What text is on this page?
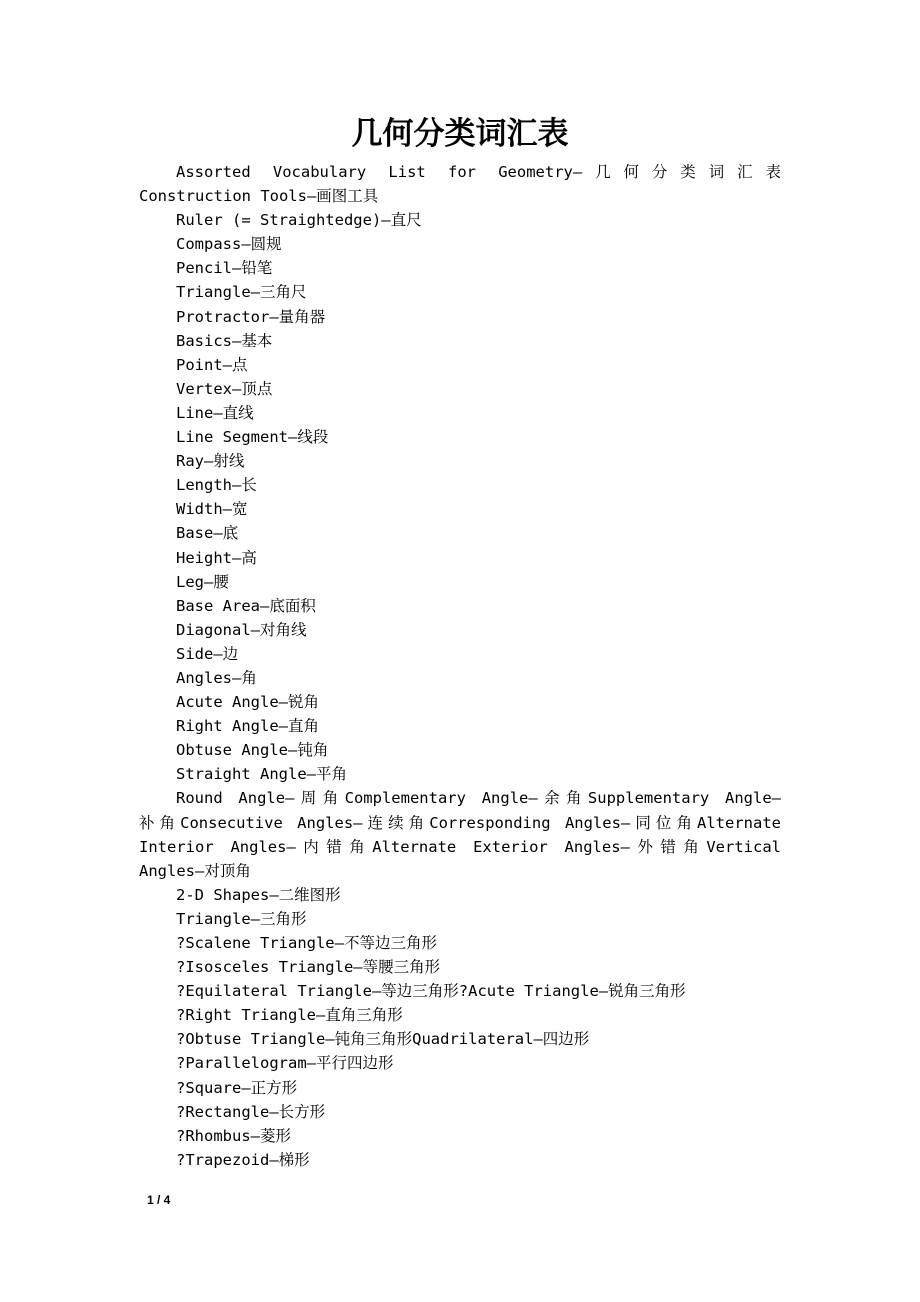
几何分类词汇表
Assorted Vocabulary List for Geometry—几何分类词汇表
Construction Tools—画图工具
Ruler (= Straightedge)—直尺
Compass—圆规
Pencil—铅笔
Triangle—三角尺
Protractor—量角器
Basics—基本
Point—点
Vertex—顶点
Line—直线
Line Segment—线段
Ray—射线
Length—长
Width—宽
Base—底
Height—高
Leg—腰
Base Area—底面积
Diagonal—对角线
Side—边
Angles—角
Acute Angle—锐角
Right Angle—直角
Obtuse Angle—钝角
Straight Angle—平角
Round Angle—周角Complementary Angle—余角Supplementary Angle—
补角Consecutive Angles—连续角Corresponding Angles—同位角Alternate
Interior Angles—内错角Alternate Exterior Angles—外错角Vertical
Angles—对顶角
2-D Shapes—二维图形
Triangle—三角形
?Scalene Triangle—不等边三角形
?Isosceles Triangle—等腰三角形
?Equilateral Triangle—等边三角形?Acute Triangle—锐角三角形
?Right Triangle—直角三角形
?Obtuse Triangle—钝角三角形Quadrilateral—四边形
?Parallelogram—平行四边形
?Square—正方形
?Rectangle—长方形
?Rhombus—菱形
?Trapezoid—梯形
1 / 4
